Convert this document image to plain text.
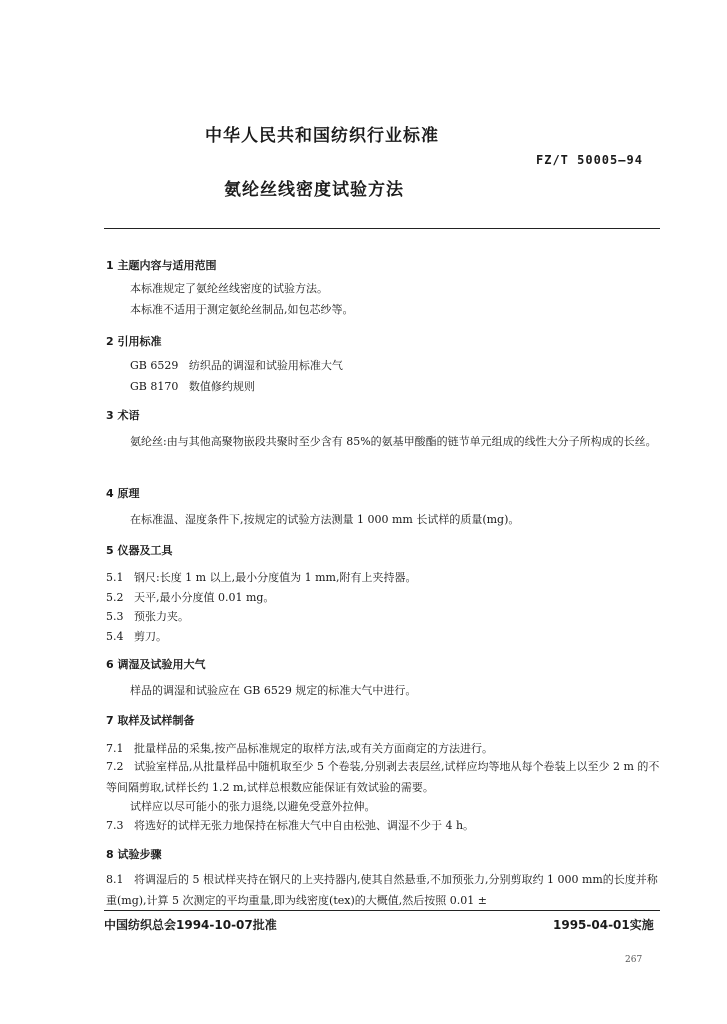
中华人民共和国纺织行业标准
FZ/T 50005—94
氨纶丝线密度试验方法
1 主题内容与适用范围
本标准规定了氨纶丝线密度的试验方法。
本标准不适用于测定氨纶丝制品,如包芯纱等。
2 引用标准
GB 6529   纺织品的调湿和试验用标准大气
GB 8170   数值修约规则
3 术语
氨纶丝:由与其他高聚物嵌段共聚时至少含有 85%的氨基甲酸酯的链节单元组成的线性大分子所构成的长丝。
4 原理
在标准温、湿度条件下,按规定的试验方法测量 1 000 mm 长试样的质量(mg)。
5 仪器及工具
5.1   钢尺:长度 1 m 以上,最小分度值为 1 mm,附有上夹持器。
5.2   天平,最小分度值 0.01 mg。
5.3   预张力夹。
5.4   剪刀。
6 调湿及试验用大气
样品的调湿和试验应在 GB 6529 规定的标准大气中进行。
7 取样及试样制备
7.1   批量样品的采集,按产品标准规定的取样方法,或有关方面商定的方法进行。
7.2   试验室样品,从批量样品中随机取至少 5 个卷装,分别剥去表层丝,试样应均等地从每个卷装上以至少 2 m 的不等间隔剪取,试样长约 1.2 m,试样总根数应能保证有效试验的需要。
试样应以尽可能小的张力退绕,以避免受意外拉伸。
7.3   将选好的试样无张力地保持在标准大气中自由松弛、调湿不少于 4 h。
8 试验步骤
8.1   将调湿后的 5 根试样夹持在钢尺的上夹持器内,使其自然悬垂,不加预张力,分别剪取约 1 000 mm的长度并称重(mg),计算 5 次测定的平均重量,即为线密度(tex)的大概值,然后按照 0.01 ±
中国纺织总会1994-10-07批准	1995-04-01实施
267
